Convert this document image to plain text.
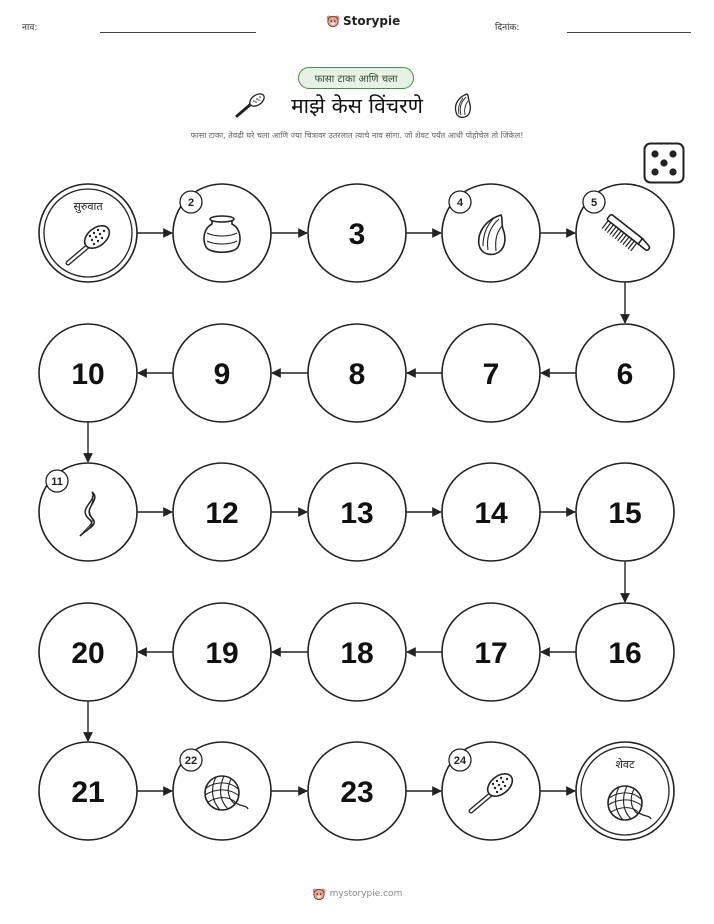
नाव:	Storypie	दिनांक:
फासा टाका आणि चला
माझे केस विंचरणे
फासा टाका, तेवढी घरे चला आणि ज्या चित्रावर उतरलात त्याचे नाव सांगा. जो शेवट पर्यंत आधी पोहोचेल तो जिंकेल!
सुरुवात	2
3
4	5
6
7
8
9
10
11
12	13	14	15
16
17
18
19
20
21
22
23
24	शेवट
mystorypie.com
